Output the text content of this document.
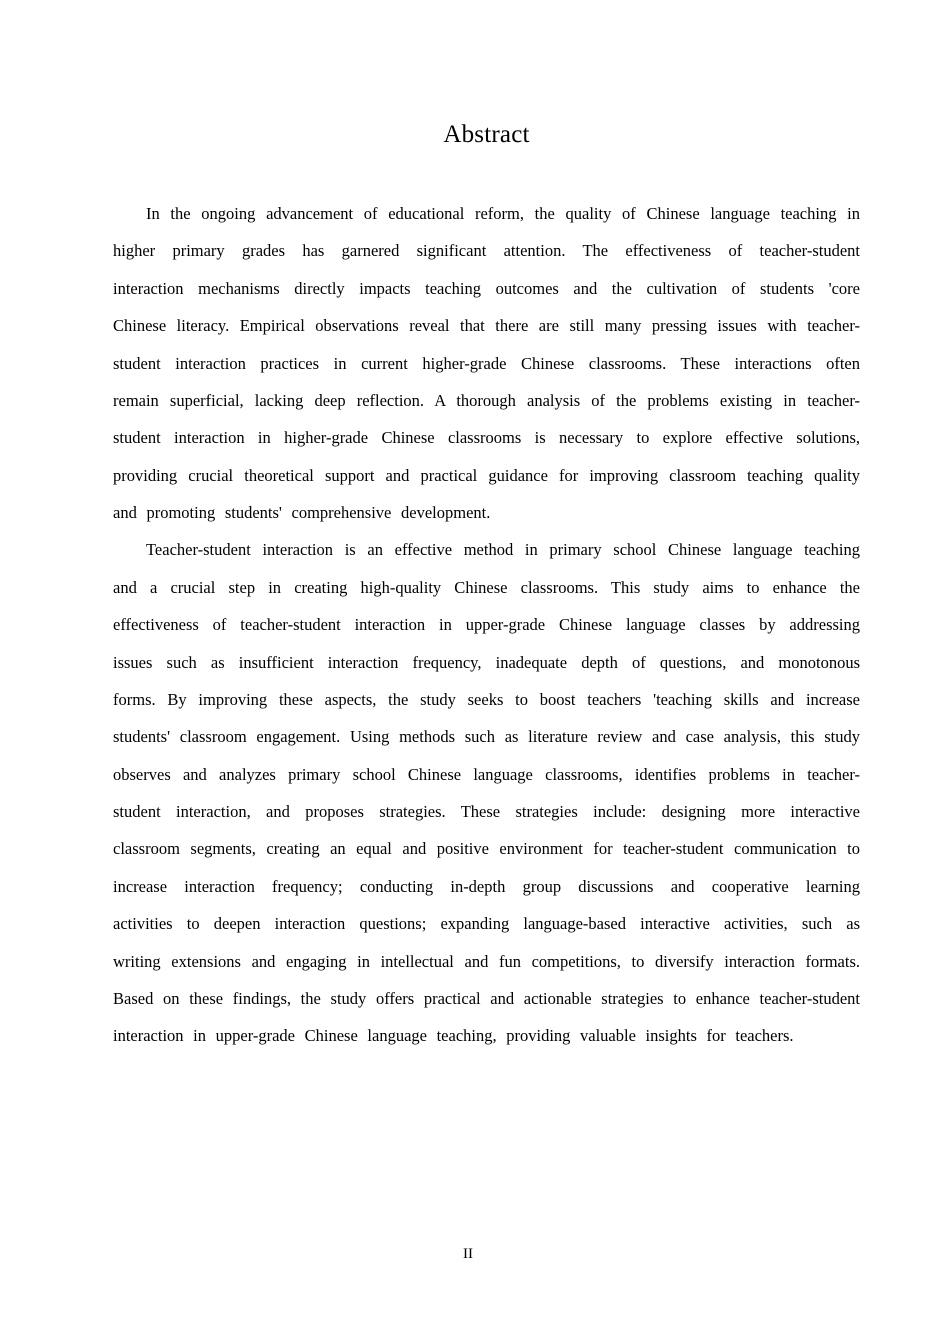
Abstract

In the ongoing advancement of educational reform, the quality of Chinese language teaching in higher primary grades has garnered significant attention. The effectiveness of teacher-student interaction mechanisms directly impacts teaching outcomes and the cultivation of students 'core Chinese literacy. Empirical observations reveal that there are still many pressing issues with teacher-student interaction practices in current higher-grade Chinese classrooms. These interactions often remain superficial, lacking deep reflection. A thorough analysis of the problems existing in teacher-student interaction in higher-grade Chinese classrooms is necessary to explore effective solutions, providing crucial theoretical support and practical guidance for improving classroom teaching quality and promoting students' comprehensive development.

Teacher-student interaction is an effective method in primary school Chinese language teaching and a crucial step in creating high-quality Chinese classrooms. This study aims to enhance the effectiveness of teacher-student interaction in upper-grade Chinese language classes by addressing issues such as insufficient interaction frequency, inadequate depth of questions, and monotonous forms. By improving these aspects, the study seeks to boost teachers 'teaching skills and increase students' classroom engagement. Using methods such as literature review and case analysis, this study observes and analyzes primary school Chinese language classrooms, identifies problems in teacher-student interaction, and proposes strategies. These strategies include: designing more interactive classroom segments, creating an equal and positive environment for teacher-student communication to increase interaction frequency; conducting in-depth group discussions and cooperative learning activities to deepen interaction questions; expanding language-based interactive activities, such as writing extensions and engaging in intellectual and fun competitions, to diversify interaction formats. Based on these findings, the study offers practical and actionable strategies to enhance teacher-student interaction in upper-grade Chinese language teaching, providing valuable insights for teachers.

II
